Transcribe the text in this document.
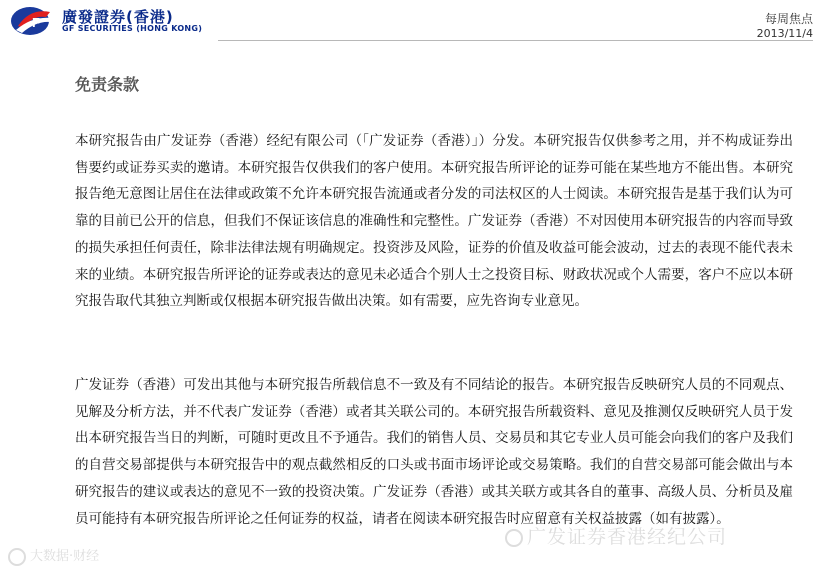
F 廣發證券(香港)
GF SECURITIES (HONG KONG)
每周焦点
2013/11/4
免责条款
本研究报告由广发证券（香港）经纪有限公司（「广发证券（香港）」）分发。本研究报告仅供参考之用，并不构成证券出售要约或证券买卖的邀请。本研究报告仅供我们的客户使用。本研究报告所评论的证券可能在某些地方不能出售。本研究报告绝无意图让居住在法律或政策不允许本研究报告流通或者分发的司法权区的人士阅读。本研究报告是基于我们认为可靠的目前已公开的信息，但我们不保证该信息的准确性和完整性。广发证券（香港）不对因使用本研究报告的内容而导致的损失承担任何责任，除非法律法规有明确规定。投资涉及风险，证券的价值及收益可能会波动，过去的表现不能代表未来的业绩。本研究报告所评论的证券或表达的意见未必适合个别人士之投资目标、财政状况或个人需要，客户不应以本研究报告取代其独立判断或仅根据本研究报告做出决策。如有需要，应先咨询专业意见。
广发证券（香港）可发出其他与本研究报告所载信息不一致及有不同结论的报告。本研究报告反映研究人员的不同观点、见解及分析方法，并不代表广发证券（香港）或者其关联公司的。本研究报告所载资料、意见及推测仅反映研究人员于发出本研究报告当日的判断，可随时更改且不予通告。我们的销售人员、交易员和其它专业人员可能会向我们的客户及我们的自营交易部提供与本研究报告中的观点截然相反的口头或书面市场评论或交易策略。我们的自营交易部可能会做出与本研究报告的建议或表达的意见不一致的投资决策。广发证券（香港）或其关联方或其各自的董事、高级人员、分析员及雇员可能持有本研究报告所评论之任何证券的权益，请者在阅读本研究报告时应留意有关权益披露（如有披露）。
大数据·财经
广发证券香港经纪公司
